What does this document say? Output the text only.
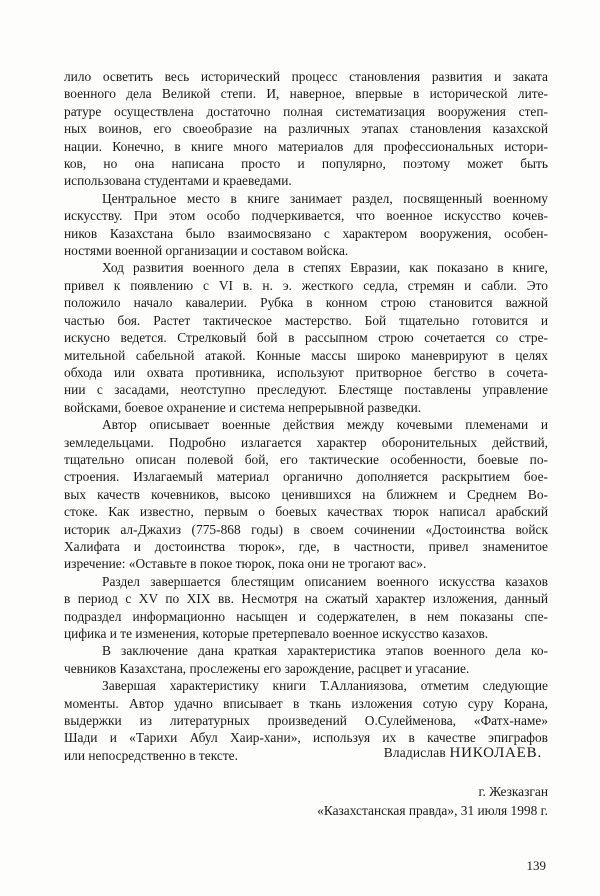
лило осветить весь исторический процесс становления развития и заката
военного дела Великой степи. И, наверное, впервые в исторической лите-
ратуре осуществлена достаточно полная систематизация вооружения степ-
ных воинов, его своеобразие на различных этапах становления казахской
нации. Конечно, в книге много материалов для профессиональных истори-
ков, но она написана просто и популярно, поэтому может быть
использована студентами и краеведами.
Центральное место в книге занимает раздел, посвященный военному
искусству. При этом особо подчеркивается, что военное искусство кочев-
ников Казахстана было взаимосвязано с характером вооружения, особен-
ностями военной организации и составом войска.
Ход развития военного дела в степях Евразии, как показано в книге,
привел к появлению с VI в. н. э. жесткого седла, стремян и сабли. Это
положило начало кавалерии. Рубка в конном строю становится важной
частью боя. Растет тактическое мастерство. Бой тщательно готовится и
искусно ведется. Стрелковый бой в рассыпном строю сочетается со стре-
мительной сабельной атакой. Конные массы широко маневрируют в целях
обхода или охвата противника, используют притворное бегство в сочета-
нии с засадами, неотступно преследуют. Блестяще поставлены управление
войсками, боевое охранение и система непрерывной разведки.
Автор описывает военные действия между кочевыми племенами и
земледельцами. Подробно излагается характер оборонительных действий,
тщательно описан полевой бой, его тактические особенности, боевые по-
строения. Излагаемый материал органично дополняется раскрытием бое-
вых качеств кочевников, высоко ценившихся на ближнем и Среднем Во-
стоке. Как известно, первым о боевых качествах тюрок написал арабский
историк ал-Джахиз (775-868 годы) в своем сочинении «Достоинства войск
Халифата и достоинства тюрок», где, в частности, привел знаменитое
изречение: «Оставьте в покое тюрок, пока они не трогают вас».
Раздел завершается блестящим описанием военного искусства казахов
в период с XV по XIX вв. Несмотря на сжатый характер изложения, данный
подраздел информационно насыщен и содержателен, в нем показаны спе-
цифика и те изменения, которые претерпевало военное искусство казахов.
В заключение дана краткая характеристика этапов военного дела ко-
чевников Казахстана, прослежены его зарождение, расцвет и угасание.
Завершая характеристику книги Т.Алланиязова, отметим следующие
моменты. Автор удачно вписывает в ткань изложения сотую суру Корана,
выдержки из литературных произведений О.Сулейменова, «Фатх-наме»
Шади и «Тарихи Абул Хаир-хани», используя их в качестве эпиграфов
или непосредственно в тексте.	Владислав НИКОЛАЕВ.
г. Жезказган
«Казахстанская правда», 31 июля 1998 г.
139
